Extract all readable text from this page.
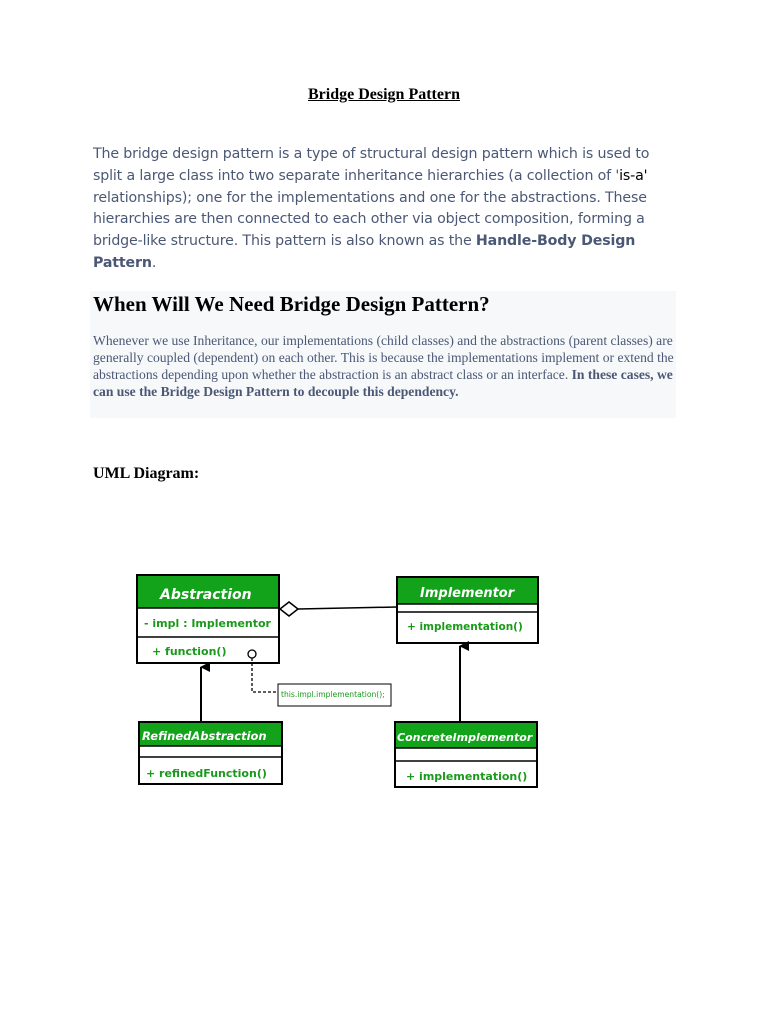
Bridge Design Pattern
The bridge design pattern is a type of structural design pattern which is used to split a large class into two separate inheritance hierarchies (a collection of 'is-a' relationships); one for the implementations and one for the abstractions. These hierarchies are then connected to each other via object composition, forming a bridge-like structure. This pattern is also known as the Handle-Body Design Pattern.
When Will We Need Bridge Design Pattern?

Whenever we use Inheritance, our implementations (child classes) and the abstractions (parent classes) are generally coupled (dependent) on each other. This is because the implementations implement or extend the abstractions depending upon whether the abstraction is an abstract class or an interface. In these cases, we can use the Bridge Design Pattern to decouple this dependency.

UML Diagram:
Abstraction
- impl : Implementor
+ function()
Implementor
+ implementation()
RefinedAbstraction
+ refinedFunction()
ConcreteImplementor
+ implementation()
this.impl.implementation();
